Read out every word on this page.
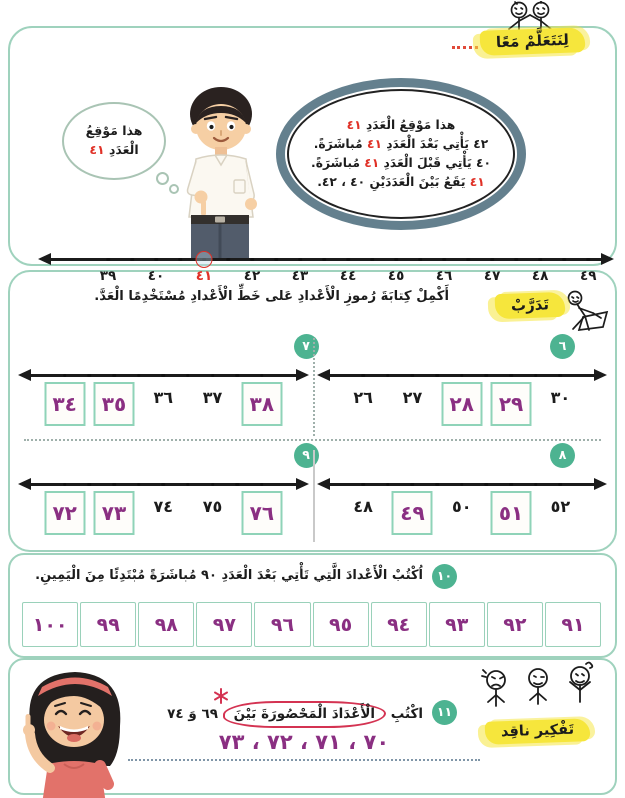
هذا مَوْقِعُ
الْعَدَدِ ٤١
هذا مَوْقِعُ الْعَدَدِ ٤١
٤٢ يَأْتِي بَعْدَ الْعَدَدِ ٤١ مُباشَرَةً.
٤٠ يَأْتِي قَبْلَ الْعَدَدِ ٤١ مُباشَرَةً.
٤١ يَقَعُ بَيْنَ الْعَدَدَيْنِ ٤٠ ، ٤٢.
٣٩ ٤٠ ٤١ ٤٢ ٤٣ ٤٤ ٤٥ ٤٦ ٤٧ ٤٨ ٤٩
لِنَتَعَلَّمْ مَعًا
تَدَرَّبْ
أَكْمِلْ كِتابَةَ رُموزِ الْأَعْدادِ عَلى خَطِّ الْأَعْدادِ مُسْتَخْدِمًا الْعَدَّ.
٦
٢٦ ٢٧	٢٨	٢٩	٣٠
٧
٣٤	٣٥	٣٦ ٣٧	٣٨
٨
٤٨	٤٩	٥٠	٥١	٥٢
٩
٧٢	٧٣	٧٤ ٧٥	٧٦
١٠
اُكْتُبْ الْأَعْدادَ الَّتِي تَأْتِي بَعْدَ الْعَدَدِ ٩٠ مُباشَرَةً مُبْتَدِئًا مِنَ الْيَمِينِ.
٩١
٩٢
٩٣
٩٤
٩٥
٩٦
٩٧
٩٨
٩٩
١٠٠
تَفْكِير ناقِد
١١
اكْتُبِ الْأَعْدَادَ الْمَحْصُورَةَ بَيْنَ
٦٩ وَ ٧٤
٧٠ ، ٧١ ، ٧٢ ، ٧٣
